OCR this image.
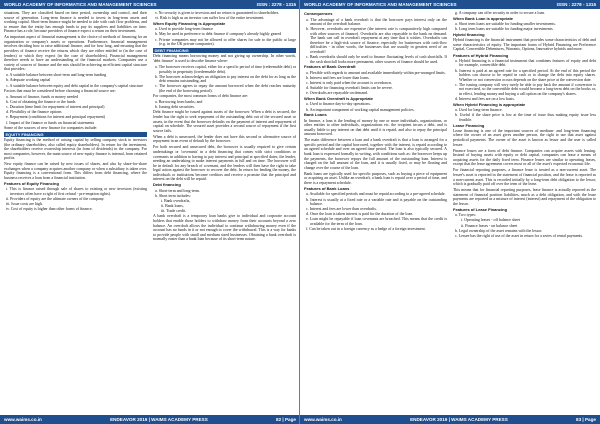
WORLD ACADEMY OF INFORMATICS AND MANAGEMENT SCIENCES	ISSN : 2278 - 1315

situations. They are classified based on time period, ownership and control, and their source of generation. Long-term finance is needed to invest in long-term assets and working capital. Short-term finance might be needed to tide with cash flow problems, and to ensure that the entity has enough funds to pay its suppliers and liabilities on time. Finance has a role, because providers of finance expect a return on their investment.

An important aspect of financial management is the choice of methods of financing for an organization or company's assets or operations. Furthermore, financial management involves deciding how to raise additional finance, and for how long, and ensuring that the providers of finance receive the returns which they are either entitled to (in the case of lenders) or which they expect (in the case of shareholders). Financial management therefore needs to have an understanding of the financial markets. Companies use a variety of sources of finance and the mix should be achieving an efficient capital structure that provides:

a. A suitable balance between short-term and long-term funding

b. Adequate working capital

c. A suitable balance between equity and debt capital in the company's capital structure

Factors that must be considered before choosing a financial source are:

a. Amount of finance, funds or money needed

b. Cost of obtaining the finance or the funds

c. Duration (time limit for repayment of interest and principal)

d. Flexibility of the finance options

e. Repayment (conditions for interest and principal repayment)

f. Impact of the finance or funds on financial statements

Some of the sources of new finance for companies include:

EQUITY FINANCING

Equity financing is the method of raising capital by selling company stock to investors (the ordinary shareholders, also called equity shareholders). In return for the investment, the shareholders receive ownership interests (in form of dividends) in the company. For most companies, however, the main source of new equity finance is internal, from retained profits.

New equity finance can be raised by new issues of shares, and also by share-for-share exchanges when a company acquires another company or when a subsidiary is taken over. Equity financing is a conventional form. This differs from debt financing, where the business receives a loan from a financial institution.

Features of Equity Financing

i. This is finance raised through sale of shares to existing or new investors (existing investors often have a right of first refusal - pre-emption rights).

ii. Providers of equity are the ultimate owners of the company.

iii. Issue costs are high.

iv. Cost of equity is higher than other forms of finance.

v. No security is given to investors and no return is guaranteed to shareholders.

vi. Risk is high as an investor can suffer loss of the entire investment.

When Equity Financing is Appropriate

a. Used to provide long-term finance

b. May be used in preference to debt finance if company's already highly geared

c. Private companies may not be allowed to offer shares for sale to the public at large (e.g. in the UK private companies).

DEBT FINANCING

Debt financing means borrowing money and not giving up ownership. In other words, 'debt finance' is used to describe finance where:

a. The borrower receives capital, either for a specific period of time (redeemable debt) or possibly in perpetuity (irredeemable debt).

b. The borrower acknowledges an obligation to pay interest on the debt for as long as the debt remains outstanding, and

c. The borrower agrees to repay the amount borrowed when the debt reaches maturity (the end of the borrowing period).

For companies, the most common forms of debt finance are:

a. Borrowing from banks; and

b. Issuing debt securities.

Debt finance might be issued against assets of the borrower. When a debt is secured, the lender has the right to seek repayment of the outstanding debt out of the secured asset or assets, in the event that the borrower defaults on the payment of interest and repayment of capital on schedule. The secured asset provides a second source of repayment if the first source fails.

When a debt is unsecured, the lender does not have this second or alternative source of repayment in an event of default by the borrower.

For both secured and unsecured debt, the borrower is usually required to give certain undertakings or 'covenants' in a debt financing that comes with strict conditions or covenants in addition to having to pay interest and principal at specified dates; the lender, needing an undertaking to make interest payments in full and on time. The borrower will be in default for any breach of covenant, and the lenders will then have the right to take legal action against the borrower to recover the debt. In return for lending the money, the individuals or institutions become creditors and receive a promise that the principal and interest on the debt will be repaid.

Debt financing

a. Short-term and long-term.

b. Short term includes:

i. Bank overdrafts,

ii. Bank loans,

iii. Trade credit.

A bank overdraft is a temporary loan banks give to individual and corporate account holders that enable those holders to withdraw money from their accounts beyond a zero balance. An overdraft allows the individual to continue withdrawing money even if the account has no funds in it or not enough to cover the withdrawal. This is a way for banks to provide people with small and medium sized businesses. Obtaining a bank overdraft is normally easier than a bank loan because of its short-term nature.

www.waims.co.in	ENDEAVOR 2019 | WAIMS ACADEMY PRESS	82 | Page
WORLD ACADEMY OF INFORMATICS AND MANAGEMENT SCIENCES	ISSN : 2278 - 1315

Consequences

a. The advantage of a bank overdraft is that the borrower pays interest only on the amount of the overdraft balance.

b. However, overdrafts are expensive (the interest rate is comparatively high compared with other sources of finance). Overdrafts are also repayable to the bank on demand. The bank can call in overdraft repayment at any time that it wishes. Overdrafts can therefore be a high-risk source of finance, especially for businesses with cash-flow difficulties - in other words, the businesses that are usually in greatest need of an overdraft!

c. Bank overdrafts should only be used to finance fluctuating levels of cash shortfalls. If the cash shortfall looks more permanent, other sources of finance should be used.

Features of Bank Overdraft

a. Flexible with regards to amount and available immediately within pre-arranged limits.

b. Interest and fees are lower than loans.

c. Interest is only paid when the account is overdrawn.

d. Suitable for financing overdraft limits can be severe.

e. Overdrafts are repayable on demand.

When Bank Overdraft is Appropriate

a. Used to finance day-to-day operations.

b. An important component of working capital management policies.

Bank Loans

In finance, a loan is the lending of money by one or more individuals, organizations, or other entities to other individuals, organizations etc. the recipient incurs a debt, and is usually liable to pay interest on that debt until it is repaid, and also to repay the principal amount borrowed.

The main difference between a loan and a bank overdraft is that a loan is arranged for a specific period and the capital borrowed, together with the interest, is repaid according to an agreed schedule and over an agreed time period. The loan is also typically secured. A bank loan is expressed formally in writing, with conditions such as: the borrower keeps up the payments, the borrower repays the full amount of the outstanding loan. Interest is charged on the full amount of the loan, and it is usually fixed, or may be floating and change over the course of the loan.

Bank loans are typically used for specific purposes, such as buying a piece of equipment or acquiring an asset. Unlike an overdraft, a bank loan is repaid over a period of time, and there is a repayment schedule.

Features of Bank Loans

a. Available for specified periods and must be repaid according to a pre-agreed schedule.

b. Interest is usually at a fixed rate or a variable rate and is payable on the outstanding balance.

c. Interest and fees are lower than overdrafts.

d. Once the loan is taken interest is paid for the duration of the loan.

e. Loan might be repayable if loan covenants are breached. This means that the credit is available for the term of the loan.

f. Can be taken out in a foreign currency as a hedge of a foreign investment.

g. A company can offer security in order to secure a loan.

When Bank Loan is appropriate

a. Short term loans are suitable for funding smaller investments.

b. Long term loans are suitable for funding major investments.

Hybrid financing

Hybrid financing is the financial instrument that provides some characteristics of debt and some characteristics of equity. The important forms of Hybrid Financing are Preference Capital, Convertible Debentures, Warrants, Options, Innovative hybrids and more.

Features of Hybrid Financing

a. Hybrid financing is a financial instrument that combines features of equity and debt for example, convertible debt.

b. Interest is paid at an agreed rate for a specified period. At the end of this period the holders can choose to be repaid in cash or to change the debt into equity shares. Whether or not conversion occurs depends on the share price at the conversion date.

c. The issuing company will very rarely be able to pay back the amount if conversion is not exercised, so the convertible debt would become a long-term debt on the books or, in effect, lending money and buying a call option on the company's shares.

d. Interest and fees are on a low basis.

When Hybrid Financing is appropriate

a. Used for long-term finance.

b. Useful if the share price is low at the time of issue thus making equity issue less feasible.

Lease Financing

Lease financing is one of the important sources of medium- and long-term financing where the owner of an asset gives another person, the right to use that asset against periodical payments. The owner of the asset is known as lessor and the user is called lessee.

Finance leases are a form of debt finance. Companies can acquire assets with leasing. Instead of buying assets with equity or debt capital, companies can lease a means of acquiring assets for the daily fixed term. Finance leases are similar to operating leases, except that the lease agreement covers most or all of the asset's expected economic life.

For financial reporting purposes, a finance lease is treated as a non-current asset. The lessee's asset is reported in the statement of financial position, and the lease is reported as a non-current asset. This is recorded initially by a long-term debt obligation to the lessor, which is gradually paid off over the term of the lease.

This means that for financial reporting purposes, lease finance is actually reported as the statement of financial position liabilities, much as a debt obligation, and with the lease payments are reported as a mixture of interest (interest) and repayment of the obligation to the lessor.

Features of Lease Financing

a. Two types:

i. Operating leases - off balance sheet

ii. Finance leases - on balance sheet

b. Legal ownership of the asset remains with the lessor.

c. Lessee has the right of use of the asset in return for a series of rental payments.

www.waims.co.in	ENDEAVOR 2019 | WAIMS ACADEMY PRESS	83 | Page
